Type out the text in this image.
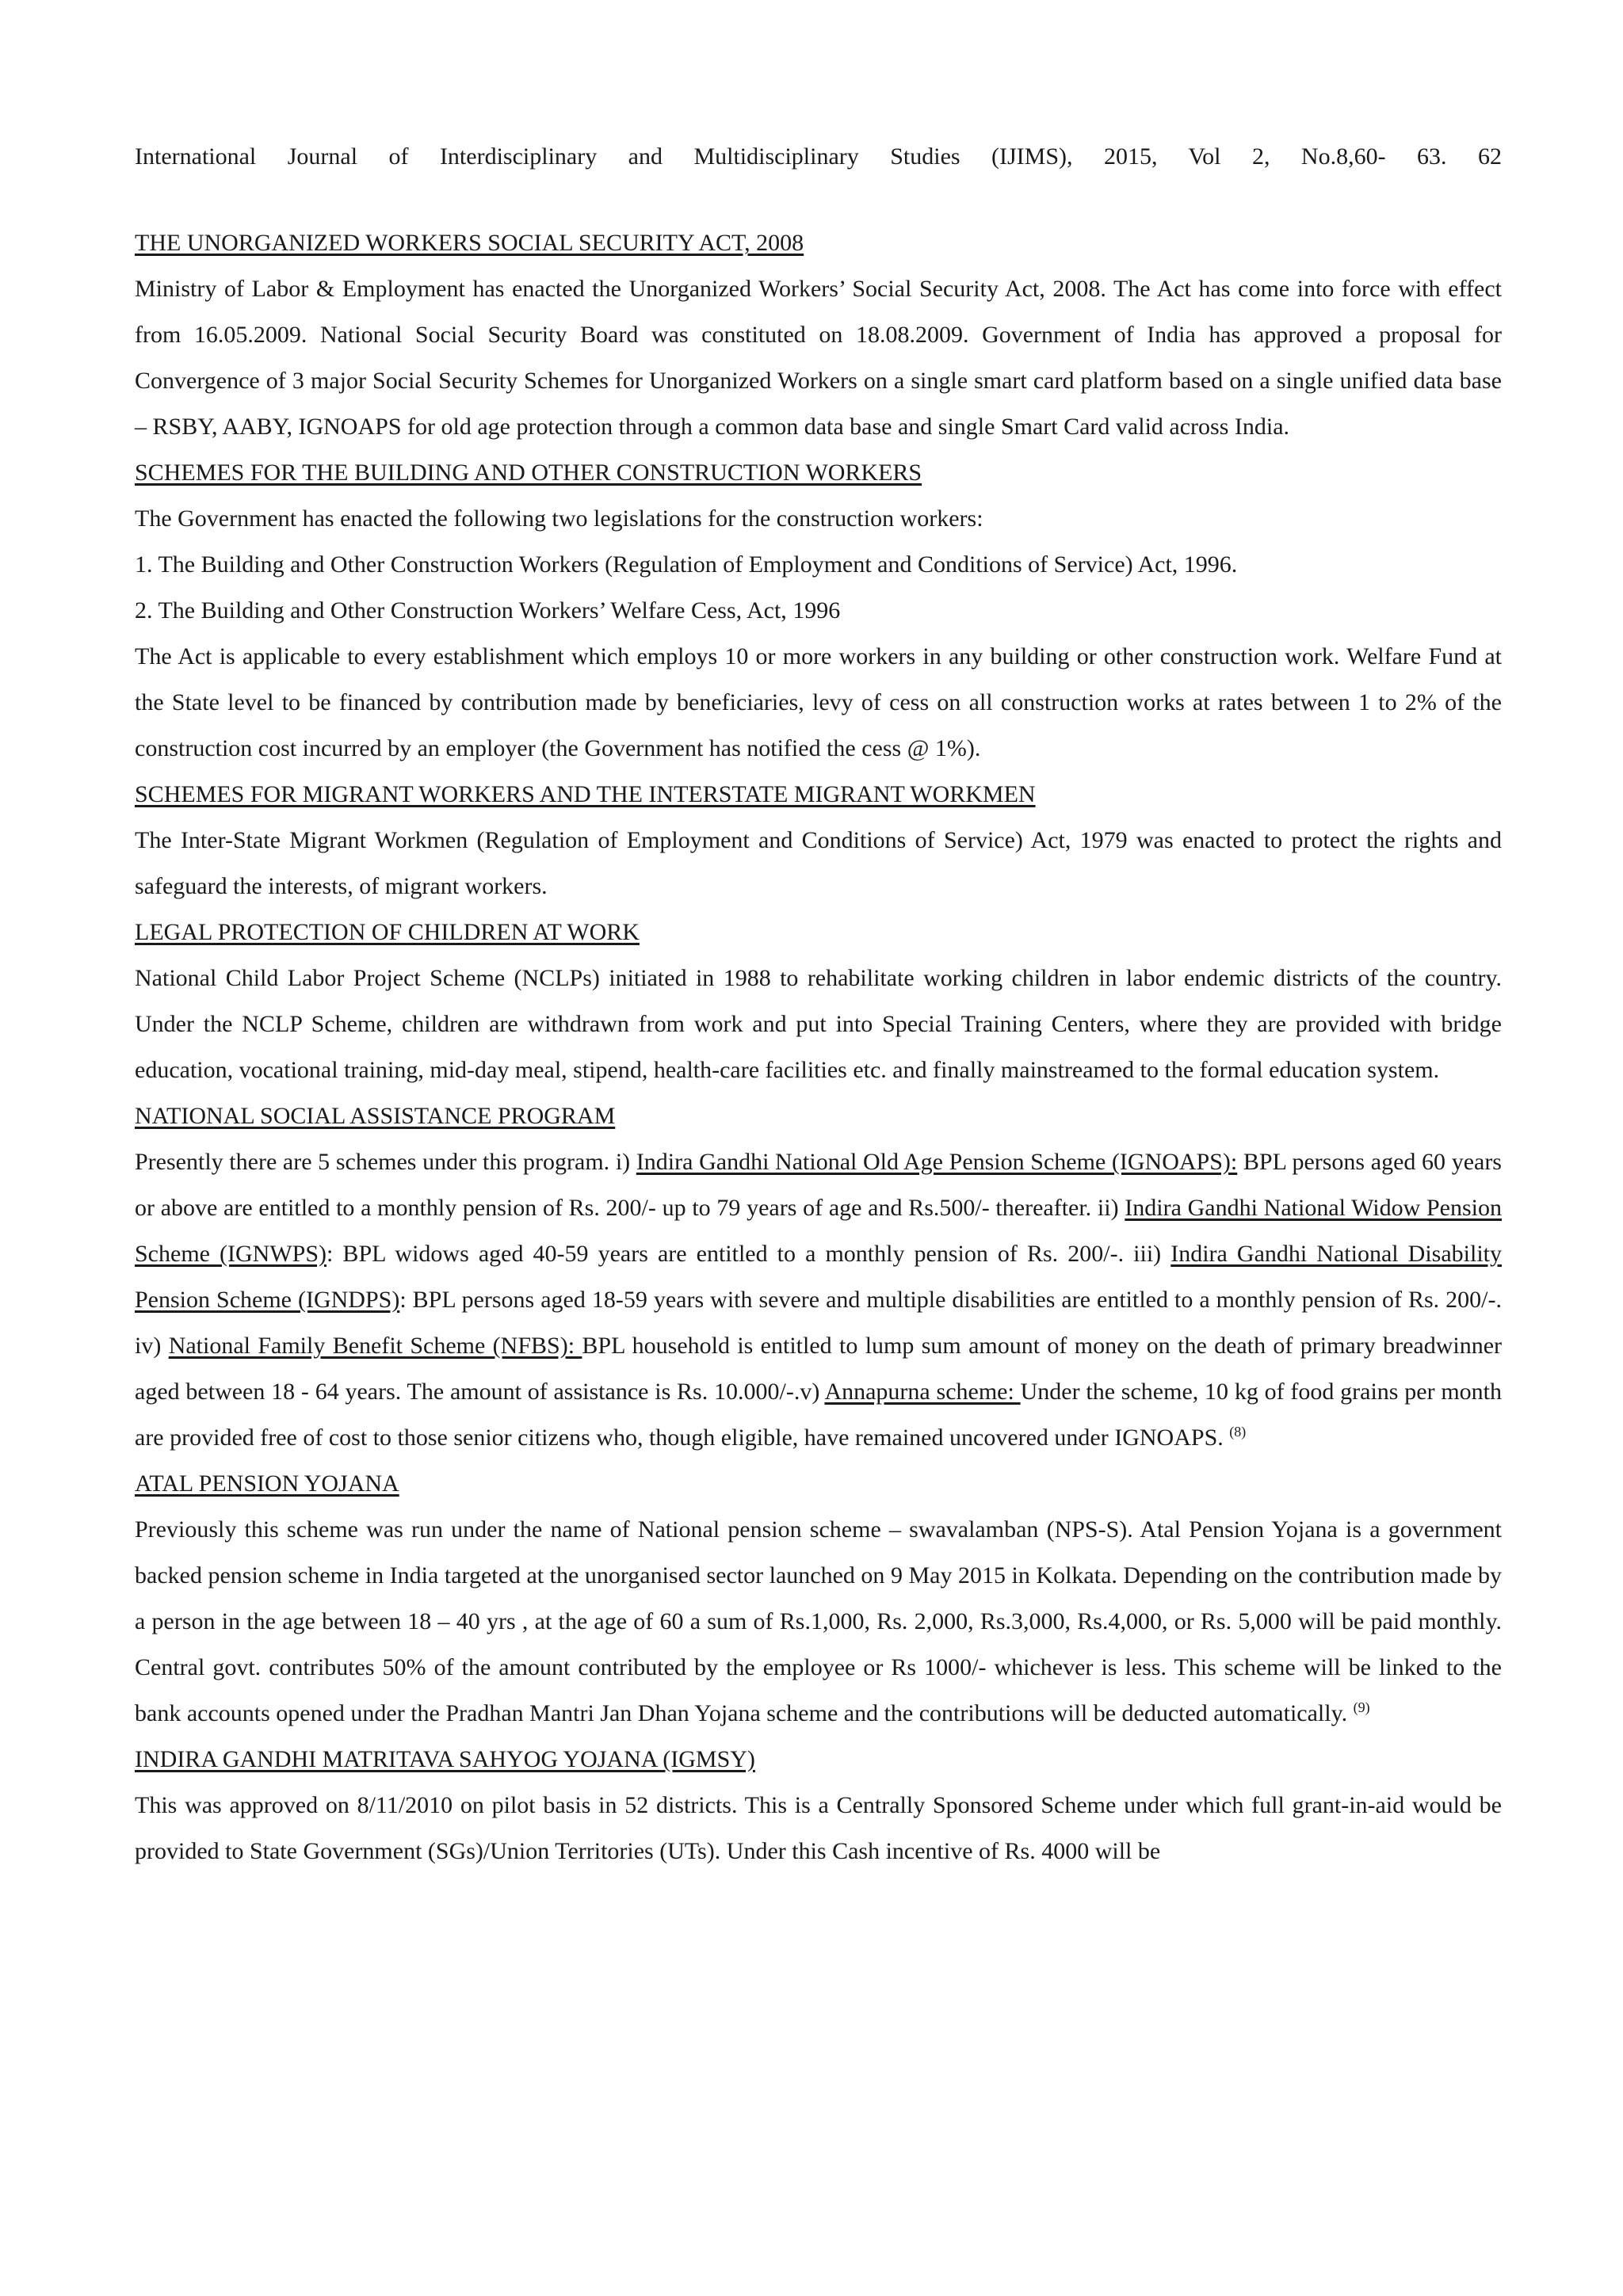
International Journal of Interdisciplinary and Multidisciplinary Studies (IJIMS), 2015, Vol 2, No.8,60- 63. 62
THE UNORGANIZED WORKERS SOCIAL SECURITY ACT, 2008

Ministry of Labor & Employment has enacted the Unorganized Workers’ Social Security Act, 2008. The Act has come into force with effect from 16.05.2009. National Social Security Board was constituted on 18.08.2009. Government of India has approved a proposal for Convergence of 3 major Social Security Schemes for Unorganized Workers on a single smart card platform based on a single unified data base – RSBY, AABY, IGNOAPS for old age protection through a common data base and single Smart Card valid across India.

SCHEMES FOR THE BUILDING AND OTHER CONSTRUCTION WORKERS

The Government has enacted the following two legislations for the construction workers:

1. The Building and Other Construction Workers (Regulation of Employment and Conditions of Service) Act, 1996.

2. The Building and Other Construction Workers’ Welfare Cess, Act, 1996

The Act is applicable to every establishment which employs 10 or more workers in any building or other construction work. Welfare Fund at the State level to be financed by contribution made by beneficiaries, levy of cess on all construction works at rates between 1 to 2% of the construction cost incurred by an employer (the Government has notified the cess @ 1%).

SCHEMES FOR MIGRANT WORKERS AND THE INTERSTATE MIGRANT WORKMEN

The Inter-State Migrant Workmen (Regulation of Employment and Conditions of Service) Act, 1979 was enacted to protect the rights and safeguard the interests, of migrant workers.

LEGAL PROTECTION OF CHILDREN AT WORK

National Child Labor Project Scheme (NCLPs) initiated in 1988 to rehabilitate working children in labor endemic districts of the country. Under the NCLP Scheme, children are withdrawn from work and put into Special Training Centers, where they are provided with bridge education, vocational training, mid-day meal, stipend, health-care facilities etc. and finally mainstreamed to the formal education system.

NATIONAL SOCIAL ASSISTANCE PROGRAM

Presently there are 5 schemes under this program. i) Indira Gandhi National Old Age Pension Scheme (IGNOAPS): BPL persons aged 60 years or above are entitled to a monthly pension of Rs. 200/- up to 79 years of age and Rs.500/- thereafter. ii) Indira Gandhi National Widow Pension Scheme (IGNWPS): BPL widows aged 40-59 years are entitled to a monthly pension of Rs. 200/-. iii) Indira Gandhi National Disability Pension Scheme (IGNDPS): BPL persons aged 18-59 years with severe and multiple disabilities are entitled to a monthly pension of Rs. 200/-. iv) National Family Benefit Scheme (NFBS): BPL household is entitled to lump sum amount of money on the death of primary breadwinner aged between 18 - 64 years. The amount of assistance is Rs. 10.000/-.v) Annapurna scheme: Under the scheme, 10 kg of food grains per month are provided free of cost to those senior citizens who, though eligible, have remained uncovered under IGNOAPS. $^{(8)}$

ATAL PENSION YOJANA

Previously this scheme was run under the name of National pension scheme – swavalamban (NPS-S). Atal Pension Yojana is a government backed pension scheme in India targeted at the unorganised sector launched on 9 May 2015 in Kolkata. Depending on the contribution made by a person in the age between 18 – 40 yrs , at the age of 60 a sum of Rs.1,000, Rs. 2,000, Rs.3,000, Rs.4,000, or Rs. 5,000 will be paid monthly. Central govt. contributes 50% of the amount contributed by the employee or Rs 1000/- whichever is less. This scheme will be linked to the bank accounts opened under the Pradhan Mantri Jan Dhan Yojana scheme and the contributions will be deducted automatically. $^{(9)}$

INDIRA GANDHI MATRITAVA SAHYOG YOJANA (IGMSY)

This was approved on 8/11/2010 on pilot basis in 52 districts. This is a Centrally Sponsored Scheme under which full grant-in-aid would be provided to State Government (SGs)/Union Territories (UTs). Under this Cash incentive of Rs. 4000 will be
